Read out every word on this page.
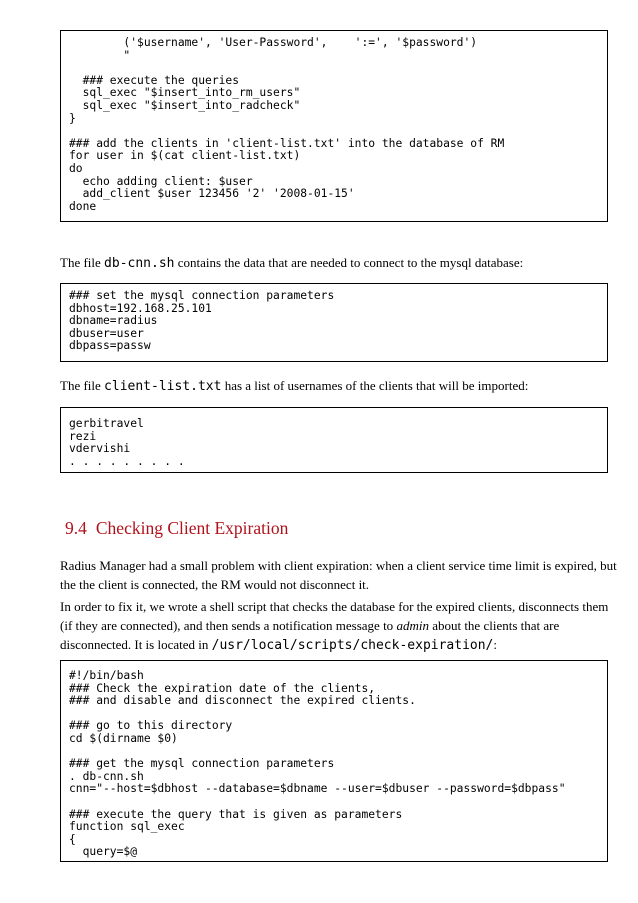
('$username', 'User-Password',    ':=', '$password')
"

### execute the queries
sql_exec "$insert_into_rm_users"
sql_exec "$insert_into_radcheck"
}

### add the clients in 'client-list.txt' into the database of RM
for user in $(cat client-list.txt)
do
echo adding client: $user
add_client $user 123456 '2' '2008-01-15'
done

The file db-cnn.sh contains the data that are needed to connect to the mysql database:

### set the mysql connection parameters
dbhost=192.168.25.101
dbname=radius
dbuser=user
dbpass=passw

The file client-list.txt has a list of usernames of the clients that will be imported:

gerbitravel
rezi
vdervishi
. . . . . . . . .
9.4 Checking Client Expiration

Radius Manager had a small problem with client expiration: when a client service time limit is expired, but the the client is connected, the RM would not disconnect it.

In order to fix it, we wrote a shell script that checks the database for the expired clients, disconnects them (if they are connected), and then sends a notification message to admin about the clients that are disconnected. It is located in /usr/local/scripts/check-expiration/:

#!/bin/bash
### Check the expiration date of the clients,
### and disable and disconnect the expired clients.

### go to this directory
cd $(dirname $0)

### get the mysql connection parameters
. db-cnn.sh
cnn="--host=$dbhost --database=$dbname --user=$dbuser --password=$dbpass"

### execute the query that is given as parameters
function sql_exec
{
query=$@
